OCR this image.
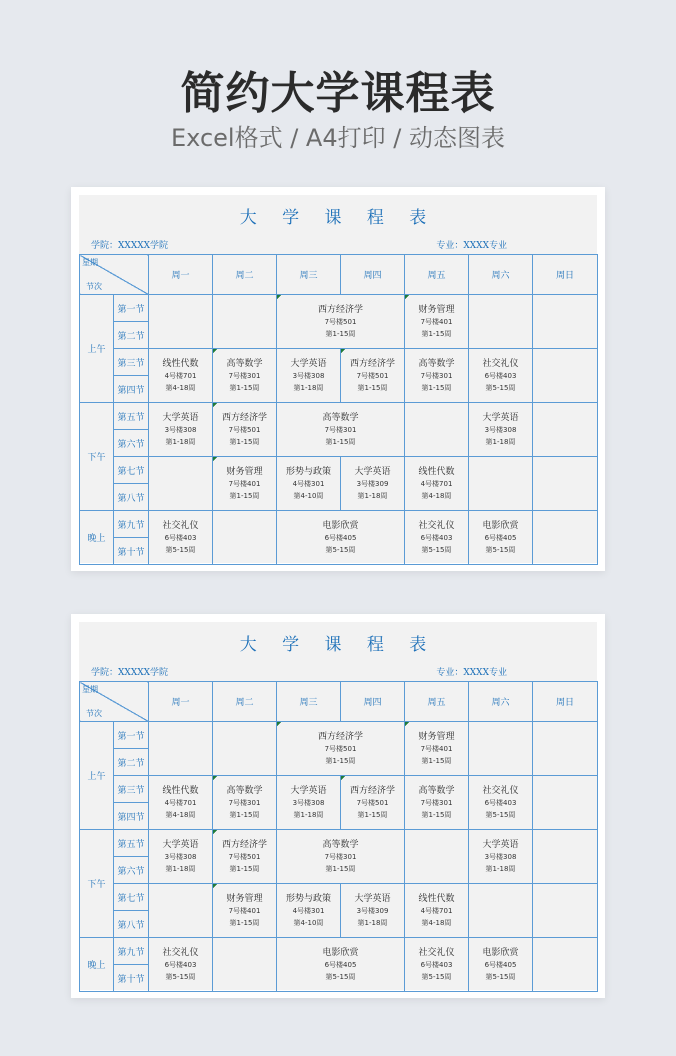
简约大学课程表
Excel格式 / A4打印 / 动态图表
大 学 课 程 表
学院：XXXXX学院	专业：XXXX专业
星期
节次		周一	周二	周三	周四	周五	周六	周日
上午	第一节			西方经济学
7号楼501
第1-15周		财务管理
7号楼401
第1-15周		

	第二节							
	第三节	线性代数
4号楼701
第4-18周	高等数学
7号楼301
第1-15周	大学英语
3号楼308
第1-18周	西方经济学
7号楼501
第1-15周	高等数学
7号楼301
第1-15周	社交礼仪
6号楼403
第5-15周	

	第四节							
下午	第五节	大学英语
3号楼308
第1-18周	西方经济学
7号楼501
第1-15周	高等数学
7号楼301
第1-15周			大学英语
3号楼308
第1-18周	

	第六节							
	第七节		财务管理
7号楼401
第1-15周	形势与政策
4号楼301
第4-10周	大学英语
3号楼309
第1-18周	线性代数
4号楼701
第4-18周		

	第八节							
晚上	第九节	社交礼仪
6号楼403
第5-15周		电影欣赏
6号楼405
第5-15周		社交礼仪
6号楼403
第5-15周	电影欣赏
6号楼405
第5-15周	

	第十节							
大 学 课 程 表
学院：XXXXX学院	专业：XXXX专业
星期
节次		周一	周二	周三	周四	周五	周六	周日
上午	第一节			西方经济学
7号楼501
第1-15周		财务管理
7号楼401
第1-15周		

	第二节							
	第三节	线性代数
4号楼701
第4-18周	高等数学
7号楼301
第1-15周	大学英语
3号楼308
第1-18周	西方经济学
7号楼501
第1-15周	高等数学
7号楼301
第1-15周	社交礼仪
6号楼403
第5-15周	

	第四节							
下午	第五节	大学英语
3号楼308
第1-18周	西方经济学
7号楼501
第1-15周	高等数学
7号楼301
第1-15周			大学英语
3号楼308
第1-18周	

	第六节							
	第七节		财务管理
7号楼401
第1-15周	形势与政策
4号楼301
第4-10周	大学英语
3号楼309
第1-18周	线性代数
4号楼701
第4-18周		

	第八节							
晚上	第九节	社交礼仪
6号楼403
第5-15周		电影欣赏
6号楼405
第5-15周		社交礼仪
6号楼403
第5-15周	电影欣赏
6号楼405
第5-15周	

	第十节							
